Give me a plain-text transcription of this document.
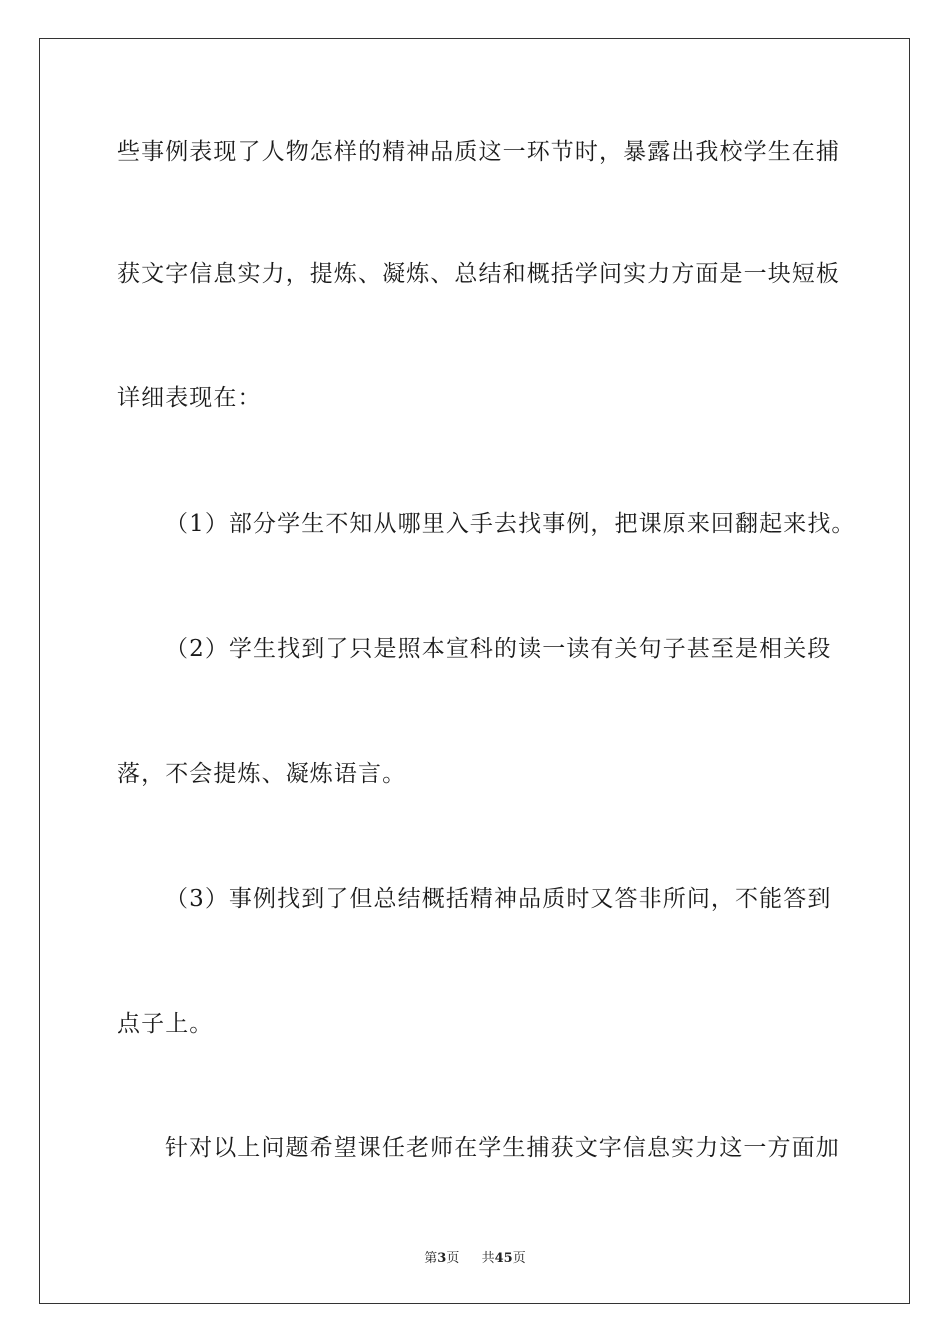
些事例表现了人物怎样的精神品质这一环节时，暴露出我校学生在捕
获文字信息实力，提炼、凝炼、总结和概括学问实力方面是一块短板
详细表现在：
（1）部分学生不知从哪里入手去找事例，把课原来回翻起来找。
（2）学生找到了只是照本宣科的读一读有关句子甚至是相关段
落，不会提炼、凝炼语言。
（3）事例找到了但总结概括精神品质时又答非所问，不能答到
点子上。
针对以上问题希望课任老师在学生捕获文字信息实力这一方面加
第3页 共45页
